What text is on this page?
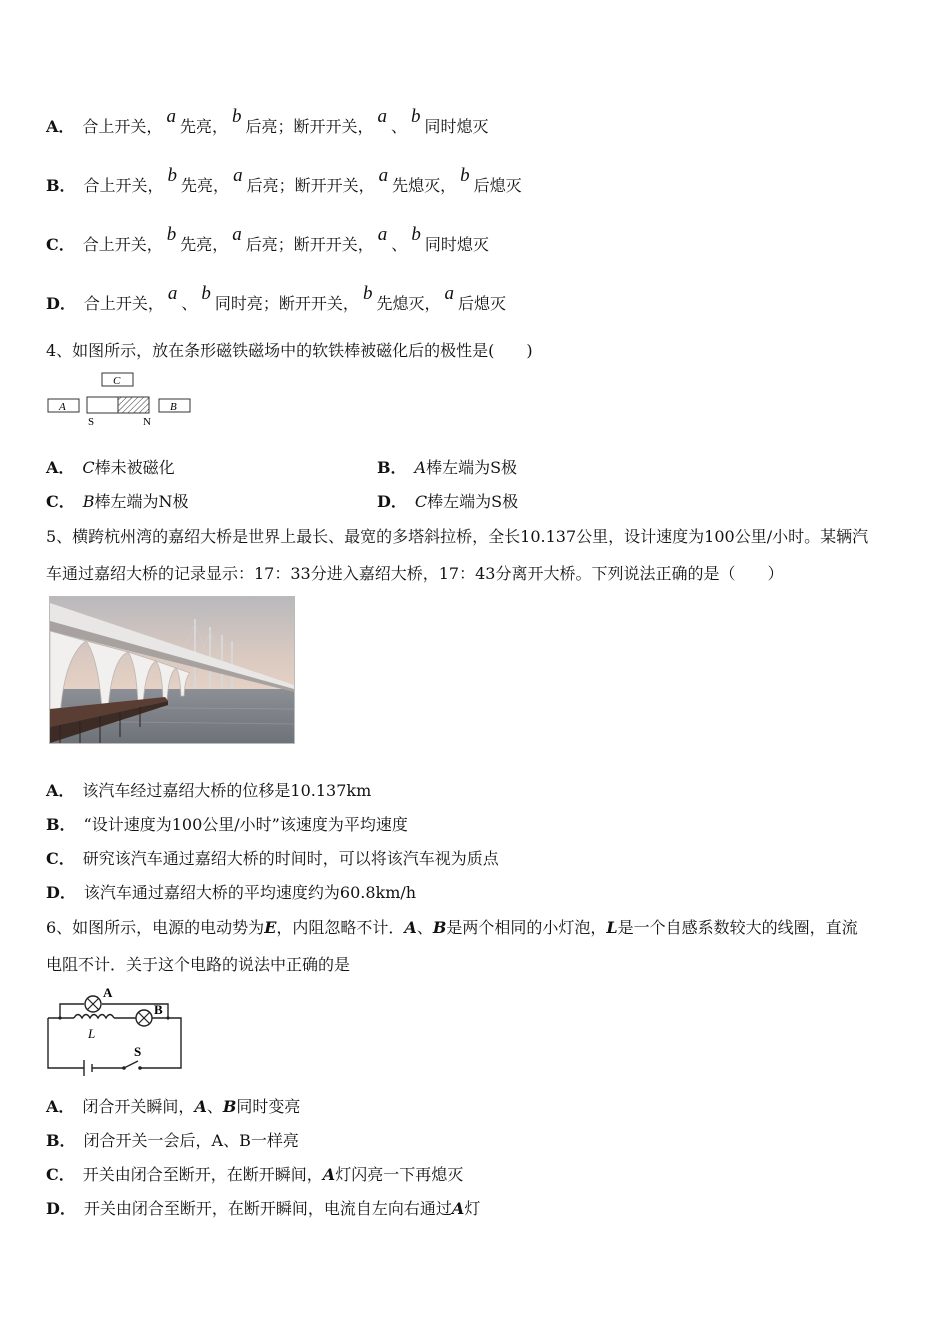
A． 合上开关， a 先亮， b 后亮；断开开关， a 、 b 同时熄灭
B． 合上开关， b 先亮， a 后亮；断开开关， a 先熄灭， b 后熄灭
C． 合上开关， b 先亮， a 后亮；断开开关， a 、 b 同时熄灭
D． 合上开关， a 、 b 同时亮；断开开关， b 先熄灭， a 后熄灭
4、如图所示，放在条形磁铁磁场中的软铁棒被磁化后的极性是(　　)
C
A	B
S	N
A． C棒未被磁化	B． A棒左端为S极
C． B棒左端为N极	D． C棒左端为S极
5、横跨杭州湾的嘉绍大桥是世界上最长、最宽的多塔斜拉桥，全长10.137公里，设计速度为100公里/小时。某辆汽
车通过嘉绍大桥的记录显示：17：33分进入嘉绍大桥，17：43分离开大桥。下列说法正确的是（　　）
A． 该汽车经过嘉绍大桥的位移是10.137km
B． “设计速度为100公里/小时”该速度为平均速度
C． 研究该汽车通过嘉绍大桥的时间时，可以将该汽车视为质点
D． 该汽车通过嘉绍大桥的平均速度约为60.8km/h
6、如图所示，电源的电动势为E，内阻忽略不计．A、B是两个相同的小灯泡，L是一个自感系数较大的线圈，直流
电阻不计．关于这个电路的说法中正确的是
A
B
L
S
A． 闭合开关瞬间，A、B同时变亮
B． 闭合开关一会后，A、B一样亮
C． 开关由闭合至断开，在断开瞬间，A灯闪亮一下再熄灭
D． 开关由闭合至断开，在断开瞬间，电流自左向右通过A灯
